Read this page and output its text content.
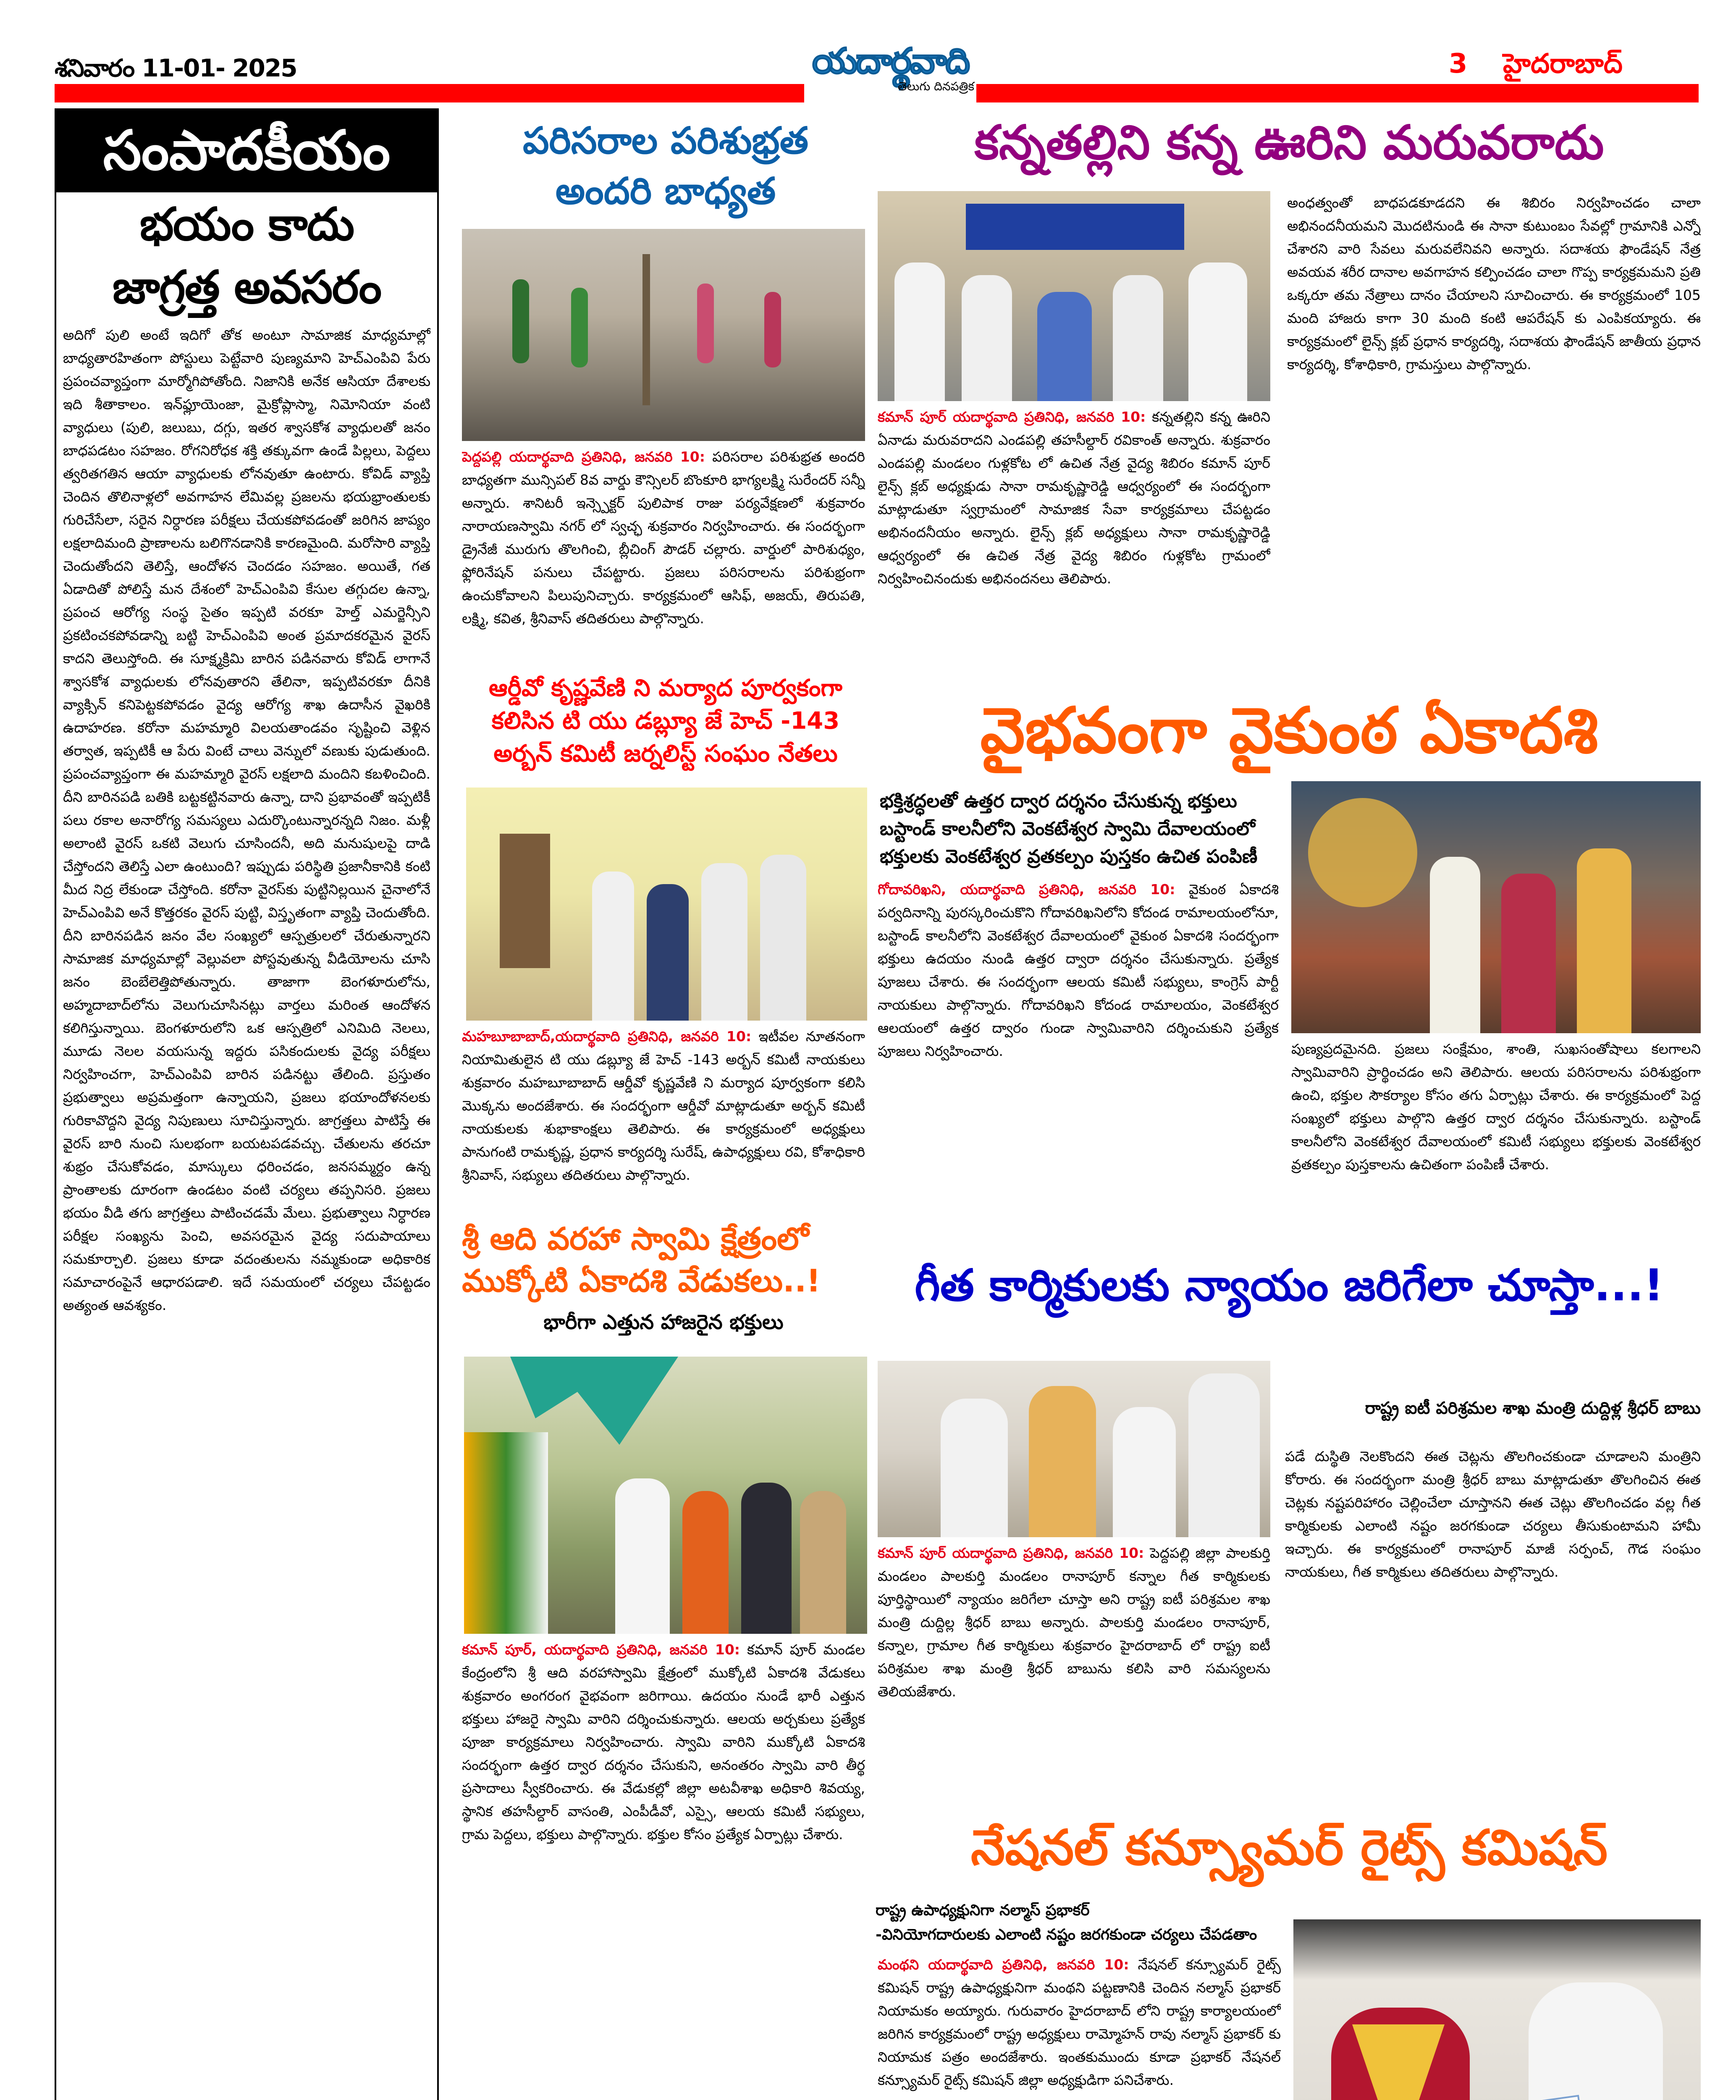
శనివారం 11-01- 2025	యదార్థవాది
తెలుగు దినపత్రిక
3 హైదరాబాద్
సంపాదకీయం
భయం కాదు
జాగ్రత్త అవసరం

అదిగో పులి అంటే ఇదిగో తోక అంటూ సామాజిక మాధ్యమాల్లో బాధ్యతారహితంగా పోస్టులు పెట్టేవారి పుణ్యమాని హెచ్‌ఎంపివి పేరు ప్రపంచవ్యాప్తంగా మార్మోగిపోతోంది. నిజానికి అనేక ఆసియా దేశాలకు ఇది శీతాకాలం. ఇన్‌ఫ్లూయెంజా, మైక్రోప్లాస్మా, నిమోనియా వంటి వ్యాధులు (పులి, జలుబు, దగ్గు, ఇతర శ్వాసకోశ వ్యాధులతో జనం బాధపడటం సహజం. రోగనిరోధక శక్తి తక్కువగా ఉండే పిల్లలు, పెద్దలు త్వరితగతిన ఆయా వ్యాధులకు లోనవుతూ ఉంటారు. కోవిడ్ వ్యాప్తి చెందిన తొలినాళ్లలో అవగాహన లేమివల్ల ప్రజలను భయభ్రాంతులకు గురిచేసేలా, సరైన నిర్ధారణ పరీక్షలు చేయకపోవడంతో జరిగిన జాప్యం లక్షలాదిమంది ప్రాణాలను బలిగొనడానికి కారణమైంది. మరోసారి వ్యాప్తి చెందుతోందని తెలిస్తే, ఆందోళన చెందడం సహజం. అయితే, గత ఏడాదితో పోలిస్తే మన దేశంలో హెచ్‌ఎంపివి కేసుల తగ్గుదల ఉన్నా, ప్రపంచ ఆరోగ్య సంస్థ సైతం ఇప్పటి వరకూ హెల్త్ ఎమర్జెన్సీని ప్రకటించకపోవడాన్ని బట్టి హెచ్‌ఎంపివి అంత ప్రమాదకరమైన వైరస్ కాదని తెలుస్తోంది. ఈ సూక్ష్మక్రిమి బారిన పడినవారు కోవిడ్ లాగానే శ్వాసకోశ వ్యాధులకు లోనవుతారని తేలినా, ఇప్పటివరకూ దీనికి వ్యాక్సిన్ కనిపెట్టకపోవడం వైద్య ఆరోగ్య శాఖ ఉదాసీన వైఖరికి ఉదాహరణ. కరోనా మహమ్మారి విలయతాండవం సృష్టించి వెళ్లిన తర్వాత, ఇప్పటికీ ఆ పేరు వింటే చాలు వెన్నులో వణుకు పుడుతుంది. ప్రపంచవ్యాప్తంగా ఈ మహమ్మారి వైరస్ లక్షలాది మందిని కబళించింది. దీని బారినపడి బతికి బట్టకట్టినవారు ఉన్నా, దాని ప్రభావంతో ఇప్పటికీ పలు రకాల అనారోగ్య సమస్యలు ఎదుర్కొంటున్నారన్నది నిజం. మళ్లీ అలాంటి వైరస్ ఒకటి వెలుగు చూసిందనీ, అది మనుషులపై దాడి చేస్తోందని తెలిస్తే ఎలా ఉంటుంది? ఇప్పుడు పరిస్థితి ప్రజానీకానికి కంటి మీద నిద్ర లేకుండా చేస్తోంది. కరోనా వైరస్‌కు పుట్టినిల్లయిన చైనాలోనే హెచ్‌ఎంపివి అనే కొత్తరకం వైరస్ పుట్టి, విస్తృతంగా వ్యాప్తి చెందుతోంది. దీని బారినపడిన జనం వేల సంఖ్యలో ఆస్పత్రులలో చేరుతున్నారని సామాజిక మాధ్యమాల్లో వెల్లువలా పోస్టవుతున్న వీడియోలను చూసి జనం బెంబేలెత్తిపోతున్నారు. తాజాగా బెంగళూరులోను, అహ్మదాబాద్‌లోను వెలుగుచూసినట్లు వార్తలు మరింత ఆందోళన కలిగిస్తున్నాయి. బెంగళూరులోని ఒక ఆస్పత్రిలో ఎనిమిది నెలలు, మూడు నెలల వయసున్న ఇద్దరు పసికందులకు వైద్య పరీక్షలు నిర్వహించగా, హెచ్‌ఎంపివి బారిన పడినట్టు తేలింది. ప్రస్తుతం ప్రభుత్వాలు అప్రమత్తంగా ఉన్నాయని, ప్రజలు భయాందోళనలకు గురికావొద్దని వైద్య నిపుణులు సూచిస్తున్నారు. జాగ్రత్తలు పాటిస్తే ఈ వైరస్ బారి నుంచి సులభంగా బయటపడవచ్చు. చేతులను తరచూ శుభ్రం చేసుకోవడం, మాస్కులు ధరించడం, జనసమ్మర్దం ఉన్న ప్రాంతాలకు దూరంగా ఉండటం వంటి చర్యలు తప్పనిసరి. ప్రజలు భయం వీడి తగు జాగ్రత్తలు పాటించడమే మేలు. ప్రభుత్వాలు నిర్ధారణ పరీక్షల సంఖ్యను పెంచి, అవసరమైన వైద్య సదుపాయాలు సమకూర్చాలి. ప్రజలు కూడా వదంతులను నమ్మకుండా అధికారిక సమాచారంపైనే ఆధారపడాలి. ఇదే సమయంలో చర్యలు చేపట్టడం అత్యంత ఆవశ్యకం.

పరిసరాల పరిశుభ్రత
అందరి బాధ్యత

పెద్దపల్లి యదార్థవాది ప్రతినిధి, జనవరి 10: పరిసరాల పరిశుభ్రత అందరి బాధ్యతగా మున్సిపల్ 8వ వార్డు కౌన్సిలర్ బొంకూరి భాగ్యలక్ష్మి సురేందర్ సన్నీ అన్నారు. శానిటరీ ఇన్స్పెక్టర్ పులిపాక రాజు పర్యవేక్షణలో శుక్రవారం నారాయణస్వామి నగర్ లో స్వచ్ఛ శుక్రవారం నిర్వహించారు. ఈ సందర్భంగా డ్రైనేజీ మురుగు తొలగించి, బ్లీచింగ్ పౌడర్ చల్లారు. వార్డులో పారిశుధ్యం, ఫ్లోరినేషన్ పనులు చేపట్టారు. ప్రజలు పరిసరాలను పరిశుభ్రంగా ఉంచుకోవాలని పిలుపునిచ్చారు. కార్యక్రమంలో ఆసిఫ్, అజయ్, తిరుపతి, లక్ష్మి, కవిత, శ్రీనివాస్ తదితరులు పాల్గొన్నారు.

ఆర్డీవో కృష్ణవేణి ని మర్యాద పూర్వకంగా కలిసిన టి యు డబ్ల్యూ జే హెచ్ -143 అర్బన్ కమిటీ జర్నలిస్ట్ సంఘం నేతలు

మహబూబాబాద్,యదార్థవాది ప్రతినిధి, జనవరి 10: ఇటీవల నూతనంగా నియామితులైన టి యు డబ్ల్యూ జే హెచ్ -143 అర్బన్ కమిటీ నాయకులు శుక్రవారం మహబూబాబాద్ ఆర్డీవో కృష్ణవేణి ని మర్యాద పూర్వకంగా కలిసి మొక్కను అందజేశారు. ఈ సందర్భంగా ఆర్డీవో మాట్లాడుతూ అర్బన్ కమిటీ నాయకులకు శుభాకాంక్షలు తెలిపారు. ఈ కార్యక్రమంలో అధ్యక్షులు పానుగంటి రామకృష్ణ, ప్రధాన కార్యదర్శి సురేష్, ఉపాధ్యక్షులు రవి, కోశాధికారి శ్రీనివాస్, సభ్యులు తదితరులు పాల్గొన్నారు.

శ్రీ ఆది వరహా స్వామి క్షేత్రంలో
ముక్కోటి ఏకాదశి వేడుకలు..!
భారీగా ఎత్తున హాజరైన భక్తులు

కమాన్ పూర్, యదార్థవాది ప్రతినిధి, జనవరి 10: కమాన్ పూర్ మండల కేంద్రంలోని శ్రీ ఆది వరహాస్వామి క్షేత్రంలో ముక్కోటి ఏకాదశి వేడుకలు శుక్రవారం అంగరంగ వైభవంగా జరిగాయి. ఉదయం నుండే భారీ ఎత్తున భక్తులు హాజరై స్వామి వారిని దర్శించుకున్నారు. ఆలయ అర్చకులు ప్రత్యేక పూజా కార్యక్రమాలు నిర్వహించారు. స్వామి వారిని ముక్కోటి ఏకాదశి సందర్భంగా ఉత్తర ద్వార దర్శనం చేసుకుని, అనంతరం స్వామి వారి తీర్థ ప్రసాదాలు స్వీకరించారు. ఈ వేడుకల్లో జిల్లా అటవీశాఖ అధికారి శివయ్య, స్థానిక తహసీల్దార్ వాసంతి, ఎంపీడీవో, ఎస్సై, ఆలయ కమిటీ సభ్యులు, గ్రామ పెద్దలు, భక్తులు పాల్గొన్నారు. భక్తుల కోసం ప్రత్యేక ఏర్పాట్లు చేశారు.

కన్నతల్లిని కన్న ఊరిని మరువరాదు

కమాన్ పూర్ యదార్థవాది ప్రతినిధి, జనవరి 10: కన్నతల్లిని కన్న ఊరిని ఏనాడు మరువరాదని ఎండపల్లి తహసీల్దార్ రవికాంత్ అన్నారు. శుక్రవారం ఎండపల్లి మండలం గుళ్లకోట లో ఉచిత నేత్ర వైద్య శిబిరం కమాన్ పూర్ లైన్స్ క్లబ్ అధ్యక్షుడు సానా రామకృష్ణారెడ్డి ఆధ్వర్యంలో ఈ సందర్భంగా మాట్లాడుతూ స్వగ్రామంలో సామాజిక సేవా కార్యక్రమాలు చేపట్టడం అభినందనీయం అన్నారు. లైన్స్ క్లబ్ అధ్యక్షులు సానా రామకృష్ణారెడ్డి ఆధ్వర్యంలో ఈ ఉచిత నేత్ర వైద్య శిబిరం గుళ్లకోట గ్రామంలో నిర్వహించినందుకు అభినందనలు తెలిపారు.

అంధత్వంతో బాధపడకూడదని ఈ శిబిరం నిర్వహించడం చాలా అభినందనీయమని మొదటినుండి ఈ సానా కుటుంబం సేవల్లో గ్రామానికి ఎన్నో చేశారని వారి సేవలు మరువలేనివని అన్నారు. సదాశయ ఫౌండేషన్ నేత్ర అవయవ శరీర దానాల అవగాహన కల్పించడం చాలా గొప్ప కార్యక్రమమని ప్రతి ఒక్కరూ తమ నేత్రాలు దానం చేయాలని సూచించారు. ఈ కార్యక్రమంలో 105 మంది హాజరు కాగా 30 మంది కంటి ఆపరేషన్ కు ఎంపికయ్యారు. ఈ కార్యక్రమంలో లైన్స్ క్లబ్ ప్రధాన కార్యదర్శి, సదాశయ ఫౌండేషన్ జాతీయ ప్రధాన కార్యదర్శి, కోశాధికారి, గ్రామస్తులు పాల్గొన్నారు.

వైభవంగా వైకుంఠ ఏకాదశి
భక్తిశ్రద్ధలతో ఉత్తర ద్వార దర్శనం చేసుకున్న భక్తులు
బస్టాండ్ కాలనీలోని వెంకటేశ్వర స్వామి దేవాలయంలో
భక్తులకు వెంకటేశ్వర వ్రతకల్పం పుస్తకం ఉచిత పంపిణీ

గోదావరిఖని, యదార్థవాది ప్రతినిధి, జనవరి 10: వైకుంఠ ఏకాదశి పర్వదినాన్ని పురస్కరించుకొని గోదావరిఖనిలోని కోదండ రామాలయంలోనూ, బస్టాండ్ కాలనీలోని వెంకటేశ్వర దేవాలయంలో వైకుంఠ ఏకాదశి సందర్భంగా భక్తులు ఉదయం నుండి ఉత్తర ద్వారా దర్శనం చేసుకున్నారు. ప్రత్యేక పూజలు చేశారు. ఈ సందర్భంగా ఆలయ కమిటీ సభ్యులు, కాంగ్రెస్ పార్టీ నాయకులు పాల్గొన్నారు. గోదావరిఖని కోదండ రామాలయం, వెంకటేశ్వర ఆలయంలో ఉత్తర ద్వారం గుండా స్వామివారిని దర్శించుకుని ప్రత్యేక పూజలు నిర్వహించారు.	పుణ్యప్రదమైనది. ప్రజలు సంక్షేమం, శాంతి, సుఖసంతోషాలు కలగాలని స్వామివారిని ప్రార్థించడం అని తెలిపారు. ఆలయ పరిసరాలను పరిశుభ్రంగా ఉంచి, భక్తుల సౌకర్యాల కోసం తగు ఏర్పాట్లు చేశారు. ఈ కార్యక్రమంలో పెద్ద సంఖ్యలో భక్తులు పాల్గొని ఉత్తర ద్వార దర్శనం చేసుకున్నారు. బస్టాండ్ కాలనీలోని వెంకటేశ్వర దేవాలయంలో కమిటీ సభ్యులు భక్తులకు వెంకటేశ్వర వ్రతకల్పం పుస్తకాలను ఉచితంగా పంపిణీ చేశారు.

గీత కార్మికులకు న్యాయం జరిగేలా చూస్తా...!
రాష్ట్ర ఐటీ పరిశ్రమల శాఖ మంత్రి దుద్దిళ్ల శ్రీధర్ బాబు

కమాన్ పూర్ యదార్థవాది ప్రతినిధి, జనవరి 10: పెద్దపల్లి జిల్లా పాలకుర్తి మండలం పాలకుర్తి మండలం రానాపూర్ కన్నాల గీత కార్మికులకు పూర్తిస్థాయిలో న్యాయం జరిగేలా చూస్తా అని రాష్ట్ర ఐటీ పరిశ్రమల శాఖ మంత్రి దుద్దిల్ల శ్రీధర్ బాబు అన్నారు. పాలకుర్తి మండలం రానాపూర్, కన్నాల, గ్రామాల గీత కార్మికులు శుక్రవారం హైదరాబాద్ లో రాష్ట్ర ఐటీ పరిశ్రమల శాఖ మంత్రి శ్రీధర్ బాబును కలిసి వారి సమస్యలను తెలియజేశారు.

పడే దుస్థితి నెలకొందని ఈత చెట్లను తొలగించకుండా చూడాలని మంత్రిని కోరారు. ఈ సందర్భంగా మంత్రి శ్రీధర్ బాబు మాట్లాడుతూ తొలగించిన ఈత చెట్లకు నష్టపరిహారం చెల్లించేలా చూస్తానని ఈత చెట్లు తొలగించడం వల్ల గీత కార్మికులకు ఎలాంటి నష్టం జరగకుండా చర్యలు తీసుకుంటామని హామీ ఇచ్చారు. ఈ కార్యక్రమంలో రానాపూర్ మాజీ సర్పంచ్, గౌడ సంఘం నాయకులు, గీత కార్మికులు తదితరులు పాల్గొన్నారు.

నేషనల్ కన్స్యూమర్ రైట్స్ కమిషన్
రాష్ట్ర ఉపాధ్యక్షునిగా నల్మాస్ ప్రభాకర్
-వినియోగదారులకు ఎలాంటి నష్టం జరగకుండా చర్యలు చేపడతాం

మంథని యదార్థవాది ప్రతినిధి, జనవరి 10: నేషనల్ కన్స్యూమర్ రైట్స్ కమిషన్ రాష్ట్ర ఉపాధ్యక్షునిగా మంథని పట్టణానికి చెందిన నల్మాస్ ప్రభాకర్ నియామకం అయ్యారు. గురువారం హైదరాబాద్ లోని రాష్ట్ర కార్యాలయంలో జరిగిన కార్యక్రమంలో రాష్ట్ర అధ్యక్షులు రామ్మోహన్ రావు నల్మాస్ ప్రభాకర్ కు నియామక పత్రం అందజేశారు. ఇంతకుముందు కూడా ప్రభాకర్ నేషనల్ కన్స్యూమర్ రైట్స్ కమిషన్ జిల్లా అధ్యక్షుడిగా పనిచేశారు.
